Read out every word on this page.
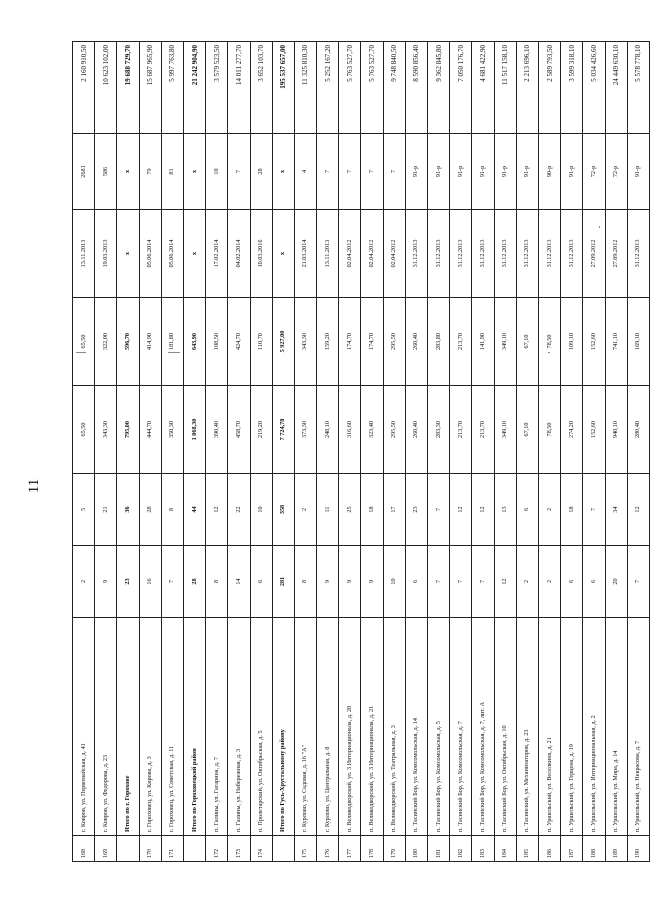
11
168	г. Ковров, ул. Первомайская, д. 41	2	5	65,50	65,50	13.11.2013	2681	2 160 910,50
169	г. Ковров, ул. Федорова, д. 23	9	21	343,30	322,00	19.03.2013	586	10 623 102,00
	Итого по г. Горохове	23	36	795,00	596,70	x	x	19 688 729,70
170	г. Гороховец, ул. Кирова, д. 3	16	28	444,70	414,90	05.06.2014	79	15 687 965,90
171	г. Гороховец, ул. Советская, д. 11	7	8	350,30	181,80	05.06.2014	81	5 997 763,80
	Итого по Гороховецкий район	28	44	1 068,30	643,90	x	x	21 242 904,90
172	п. Галины, ул. Гагарина, д. 7	8	12	390,40	108,50	17.02.2014	10	3 579 523,50
173	п. Галины, ул. Набережная, д. 3	14	22	458,70	424,70	04.02.2014	7	14 011 277,70
174	п. Пролетарский, ул. Октябрьская, д. 5	6	10	219,20	110,70	10.03.2016	28	3 652 103,70
	Итого по Гусь-Хрустальному району	281	358	7 724,78	5 927,00	x	x	195 537 657,00
175	г. Курлово, ул. Садовая, д. 16 "А"	8	2	373,30	343,30	21.03.2014	4	11 325 810,30
176	г. Курлово, ул. Центральная, д. 8	9	11	248,10	159,20	13.11.2013	7	5 252 167,20
177	п. Великодворский, ул. 3 Интернационала, д. 20	9	25	316,60	174,70	02.04.2012	7	5 763 527,70
178	п. Великодворский, ул. 3 Интернационала, д. 21	9	18	323,40	174,70	02.04.2012	7	5 763 527,70
179	п. Великодворский, ул. Театральная, д. 3	10	17	295,50	295,50	02.04.2012	7	9 748 840,50
180	п. Тасинский Бор, ул. Комсомольская, д. 14	6	23	260,40	260,40	31.12.2013	91-р	8 590 856,40
181	п. Тасинский Бор, ул. Комсомольская, д. 5	7	7	283,30	283,80	31.12.2013	91-р	9 362 845,80
182	п. Тасинский Бор, ул. Комсомольская, д. 7	7	12	213,70	213,70	31.12.2013	91-р	7 050 176,70
183	п. Тасинский Бор, ул. Комсомольская, д. 7, лит. А	7	12	213,70	141,90	31.12.2013	91-р	4 681 422,90
184	п. Тасинский Бор, ул. Октябрьская, д. 10	12	13	349,10	349,10	31.12.2013	91-р	11 517 158,10
185	п. Тасинский, ул. Механизаторов, д. 23	2	6	67,10	67,10	31.12.2013	91-р	2 213 696,10
186	п. Уршельский, ул. Веселкина, д. 21	2	2	78,50	78,50	31.12.2013	90-р	2 589 793,50
187	п. Уршельский, ул. Герцена, д. 19	6	18	274,20	109,10	31.12.2013	91-р	3 599 318,10
188	п. Уршельский, ул. Интернациональная, д. 2	6	7	152,60	152,60	27.09.2012	72-р	5 034 426,60
189	п. Уршельский, ул. Мира, д. 14	20	34	940,10	741,10	27.09.2012	72-р	24 449 630,10
190	п. Уршельский, ул. Некрасова, д. 7	7	12	280,40	169,10	31.12.2013	91-р	5 578 778,10
